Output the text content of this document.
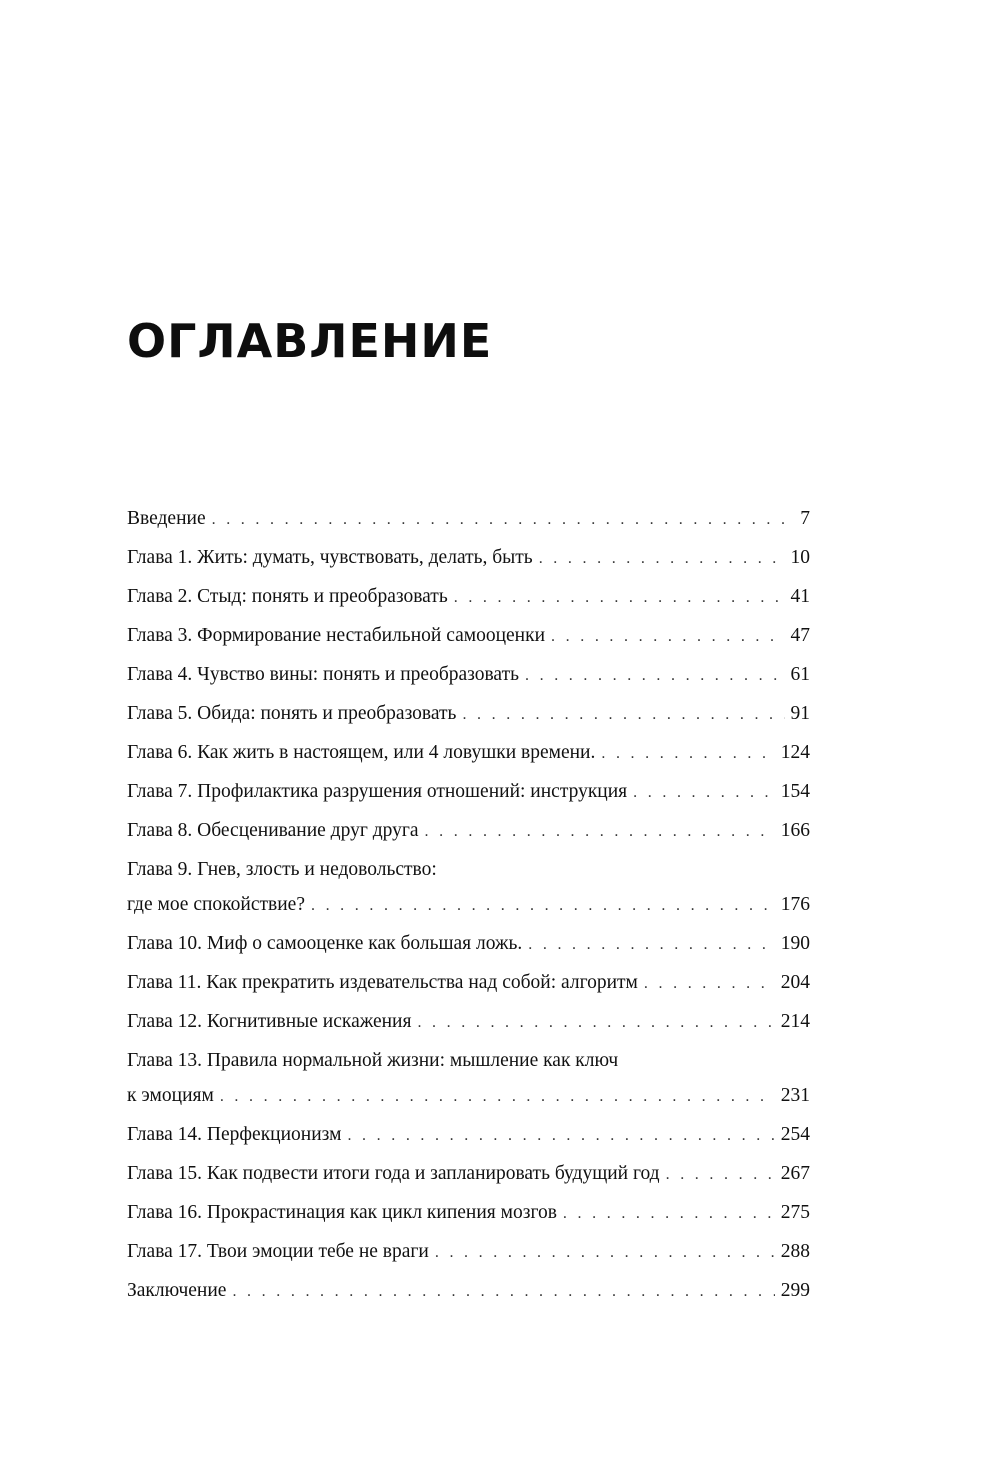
ОГЛАВЛЕНИЕ
Введение . . .	7
Глава 1. Жить: думать, чувствовать, делать, быть . . .	10
Глава 2. Стыд: понять и преобразовать . . .	41
Глава 3. Формирование нестабильной самооценки . . .	47
Глава 4. Чувство вины: понять и преобразовать . . .	61
Глава 5. Обида: понять и преобразовать . . .	91
Глава 6. Как жить в настоящем, или 4 ловушки времени. . . .	124
Глава 7. Профилактика разрушения отношений: инструкция . . .	154
Глава 8. Обесценивание друг друга . . .	166
Глава 9. Гнев, злость и недовольство:
где мое спокойствие? . . .	176
Глава 10. Миф о самооценке как большая ложь. . . .	190
Глава 11. Как прекратить издевательства над собой: алгоритм . . .	204
Глава 12. Когнитивные искажения . . .	214
Глава 13. Правила нормальной жизни: мышление как ключ
к эмоциям . . .	231
Глава 14. Перфекционизм . . .	254
Глава 15. Как подвести итоги года и запланировать будущий год . . .	267
Глава 16. Прокрастинация как цикл кипения мозгов . . .	275
Глава 17. Твои эмоции тебе не враги . . .	288
Заключение . . .	299
